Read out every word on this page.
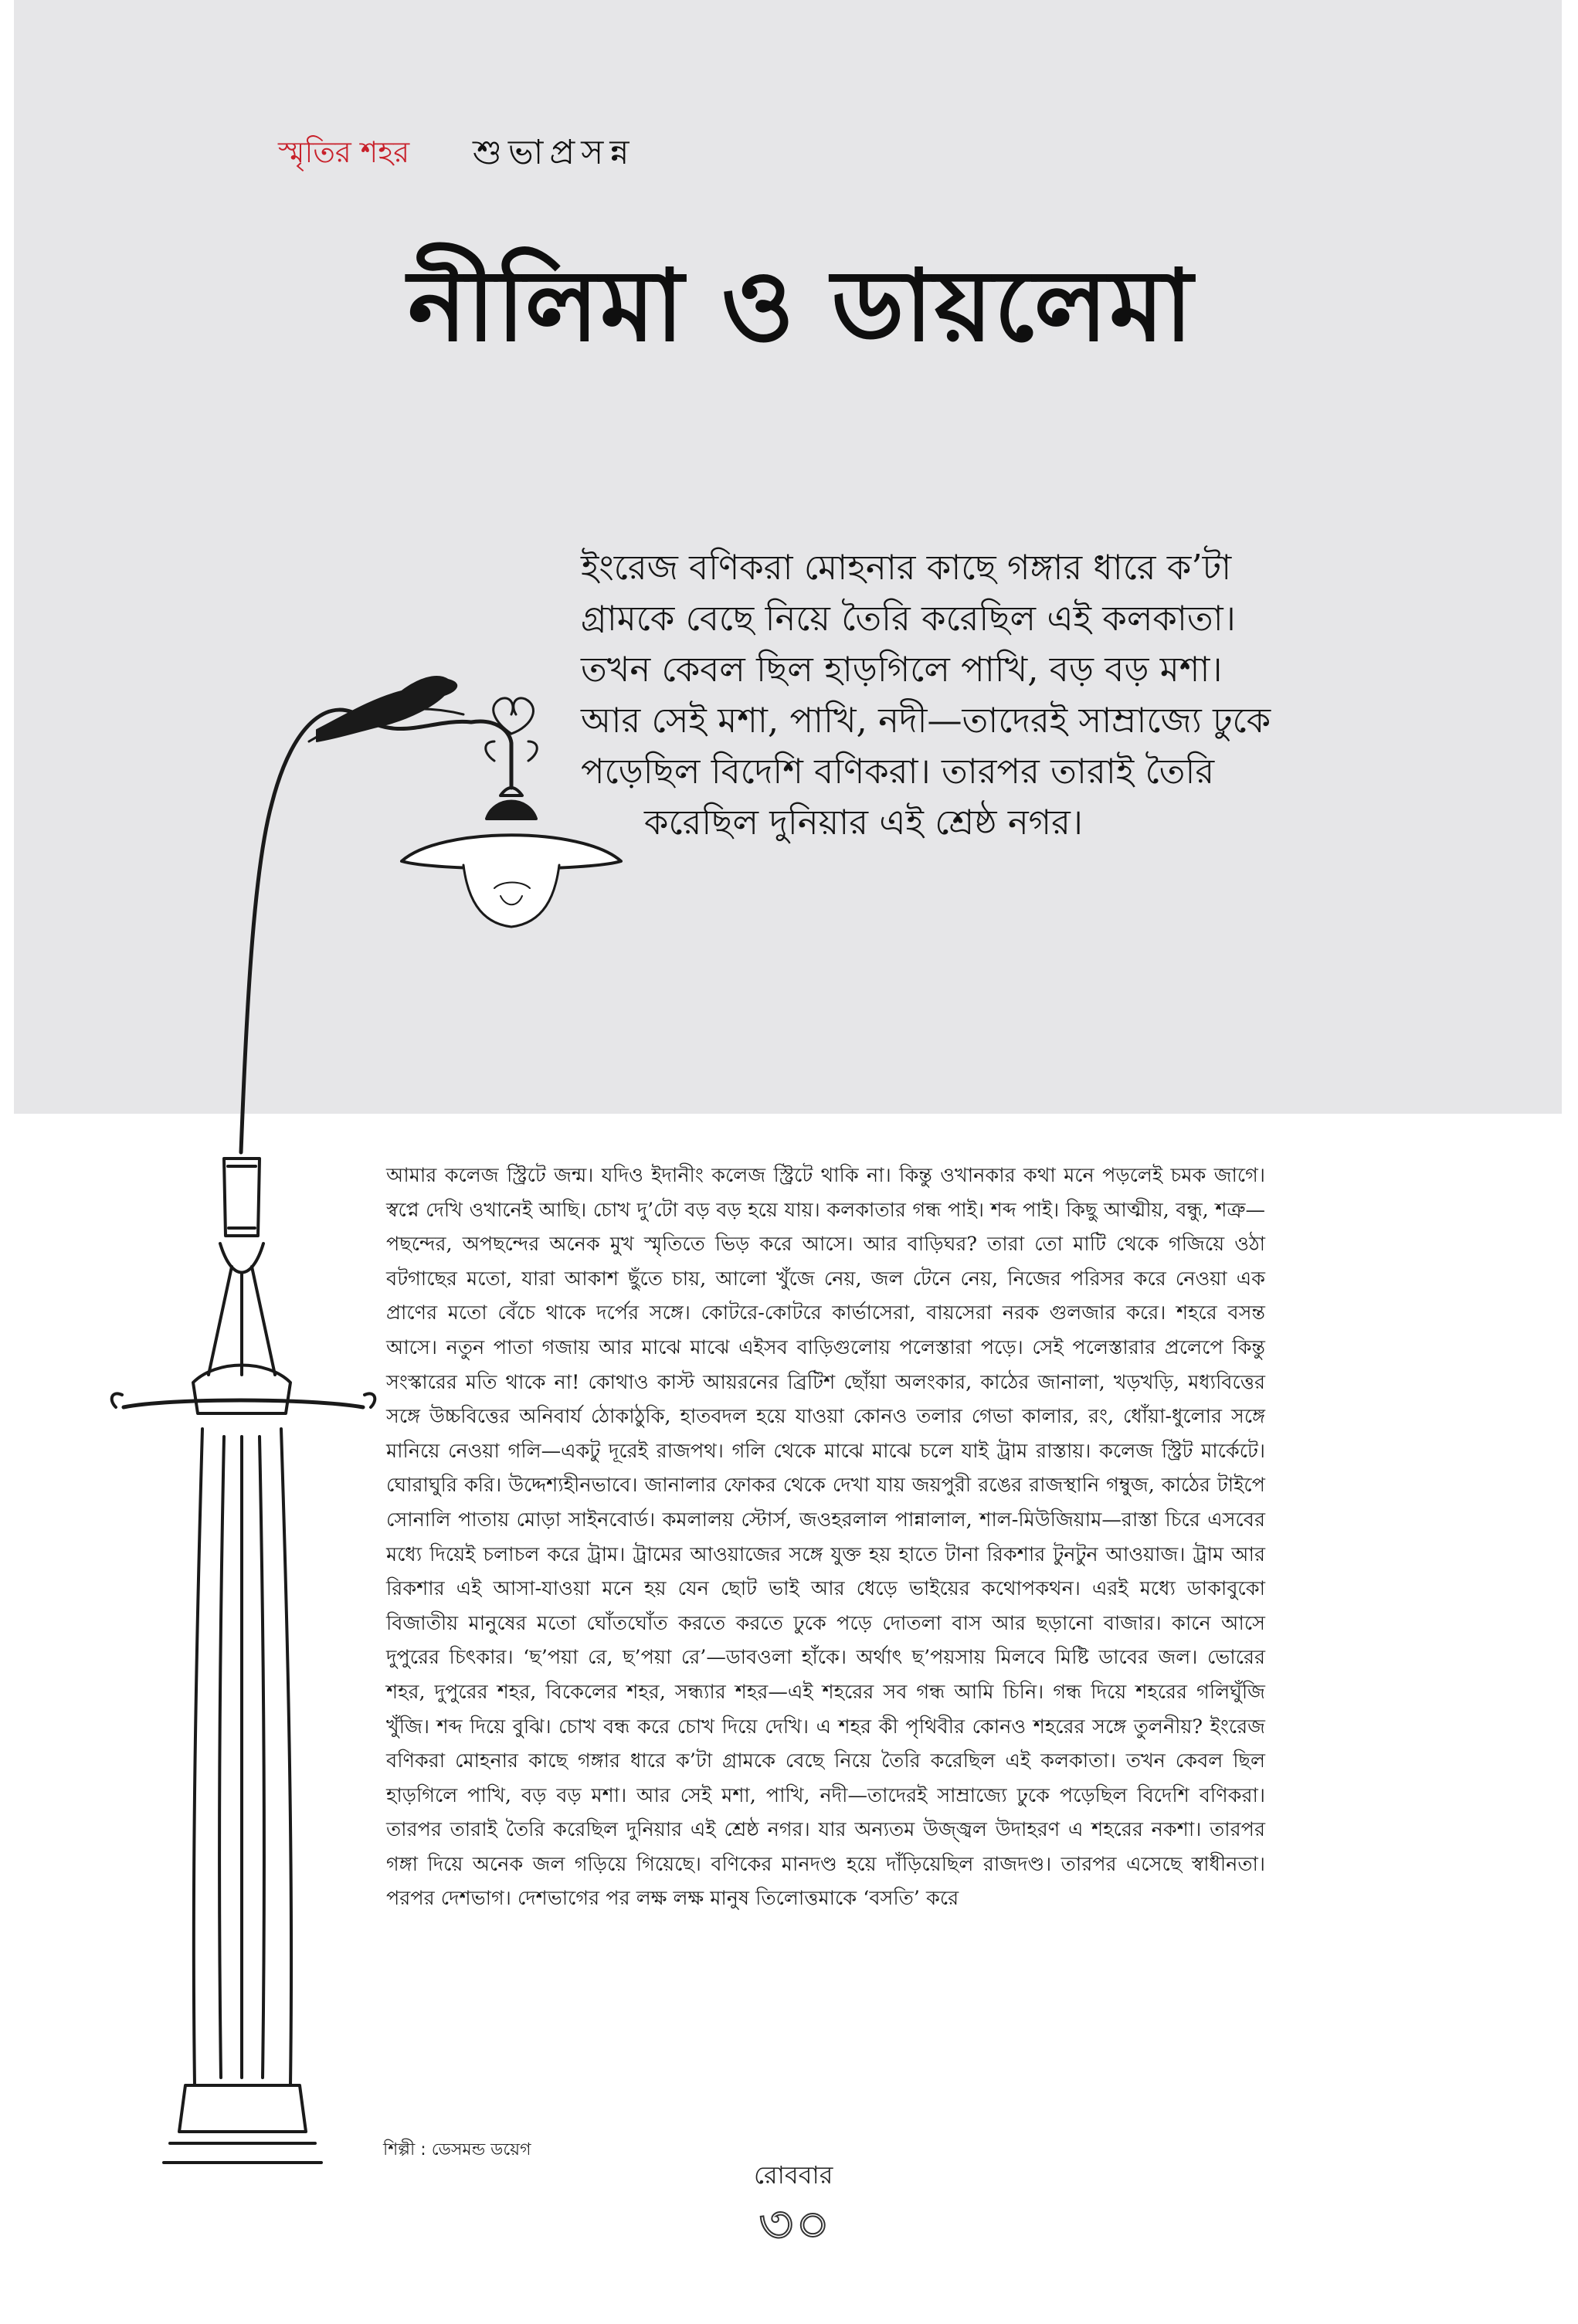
স্মৃতির শহর শুভাপ্রসন্ন
নীলিমা ও ডায়লেমা
ইংরেজ বণিকরা মোহনার কাছে গঙ্গার ধারে ক’টা
গ্রামকে বেছে নিয়ে তৈরি করেছিল এই কলকাতা।
তখন কেবল ছিল হাড়গিলে পাখি, বড় বড় মশা।
আর সেই মশা, পাখি, নদী—তাদেরই সাম্রাজ্যে ঢুকে
পড়েছিল বিদেশি বণিকরা। তারপর তারাই তৈরি
করেছিল দুনিয়ার এই শ্রেষ্ঠ নগর।

আমার কলেজ স্ট্রিটে জন্ম। যদিও ইদানীং কলেজ স্ট্রিটে থাকি না। কিন্তু ওখানকার কথা মনে পড়লেই চমক জাগে। স্বপ্নে দেখি ওখানেই আছি। চোখ দু’টো বড় বড় হয়ে যায়। কলকাতার গন্ধ পাই। শব্দ পাই। কিছু আত্মীয়, বন্ধু, শত্রু—পছন্দের, অপছন্দের অনেক মুখ স্মৃতিতে ভিড় করে আসে। আর বাড়িঘর? তারা তো মাটি থেকে গজিয়ে ওঠা বটগাছের মতো, যারা আকাশ ছুঁতে চায়, আলো খুঁজে নেয়, জল টেনে নেয়, নিজের পরিসর করে নেওয়া এক প্রাণের মতো বেঁচে থাকে দর্পের সঙ্গে। কোটরে-কোটরে কার্ভাসেরা, বায়সেরা নরক গুলজার করে। শহরে বসন্ত আসে। নতুন পাতা গজায় আর মাঝে মাঝে এইসব বাড়িগুলোয় পলেস্তারা পড়ে। সেই পলেস্তারার প্রলেপে কিন্তু সংস্কারের মতি থাকে না! কোথাও কাস্ট আয়রনের ব্রিটিশ ছোঁয়া অলংকার, কাঠের জানালা, খড়খড়ি, মধ্যবিত্তের সঙ্গে উচ্চবিত্তের অনিবার্য ঠোকাঠুকি, হাতবদল হয়ে যাওয়া কোনও তলার গেভা কালার, রং, ধোঁয়া-ধুলোর সঙ্গে মানিয়ে নেওয়া গলি—একটু দূরেই রাজপথ। গলি থেকে মাঝে মাঝে চলে যাই ট্রাম রাস্তায়। কলেজ স্ট্রিট মার্কেটে। ঘোরাঘুরি করি। উদ্দেশ্যহীনভাবে। জানালার ফোকর থেকে দেখা যায় জয়পুরী রঙের রাজস্থানি গম্বুজ, কাঠের টাইপে সোনালি পাতায় মোড়া সাইনবোর্ড। কমলালয় স্টোর্স, জওহরলাল পান্নালাল, শাল-মিউজিয়াম—রাস্তা চিরে এসবের মধ্যে দিয়েই চলাচল করে ট্রাম। ট্রামের আওয়াজের সঙ্গে যুক্ত হয় হাতে টানা রিকশার টুনটুন আওয়াজ। ট্রাম আর রিকশার এই আসা-যাওয়া মনে হয় যেন ছোট ভাই আর ধেড়ে ভাইয়ের কথোপকথন। এরই মধ্যে ডাকাবুকো বিজাতীয় মানুষের মতো ঘোঁতঘোঁত করতে করতে ঢুকে পড়ে দোতলা বাস আর ছড়ানো বাজার। কানে আসে দুপুরের চিৎকার। ‘ছ’পয়া রে, ছ’পয়া রে’—ডাবওলা হাঁকে। অর্থাৎ ছ’পয়সায় মিলবে মিষ্টি ডাবের জল। ভোরের শহর, দুপুরের শহর, বিকেলের শহর, সন্ধ্যার শহর—এই শহরের সব গন্ধ আমি চিনি। গন্ধ দিয়ে শহরের গলিঘুঁজি খুঁজি। শব্দ দিয়ে বুঝি। চোখ বন্ধ করে চোখ দিয়ে দেখি। এ শহর কী পৃথিবীর কোনও শহরের সঙ্গে তুলনীয়? ইংরেজ বণিকরা মোহনার কাছে গঙ্গার ধারে ক’টা গ্রামকে বেছে নিয়ে তৈরি করেছিল এই কলকাতা। তখন কেবল ছিল হাড়গিলে পাখি, বড় বড় মশা। আর সেই মশা, পাখি, নদী—তাদেরই সাম্রাজ্যে ঢুকে পড়েছিল বিদেশি বণিকরা। তারপর তারাই তৈরি করেছিল দুনিয়ার এই শ্রেষ্ঠ নগর। যার অন্যতম উজ্জ্বল উদাহরণ এ শহরের নকশা। তারপর গঙ্গা দিয়ে অনেক জল গড়িয়ে গিয়েছে। বণিকের মানদণ্ড হয়ে দাঁড়িয়েছিল রাজদণ্ড। তারপর এসেছে স্বাধীনতা। পরপর দেশভাগ। দেশভাগের পর লক্ষ লক্ষ মানুষ তিলোত্তমাকে ‘বসতি’ করে

শিল্পী : ডেসমন্ড ডয়েগ
রোববার
৩০
